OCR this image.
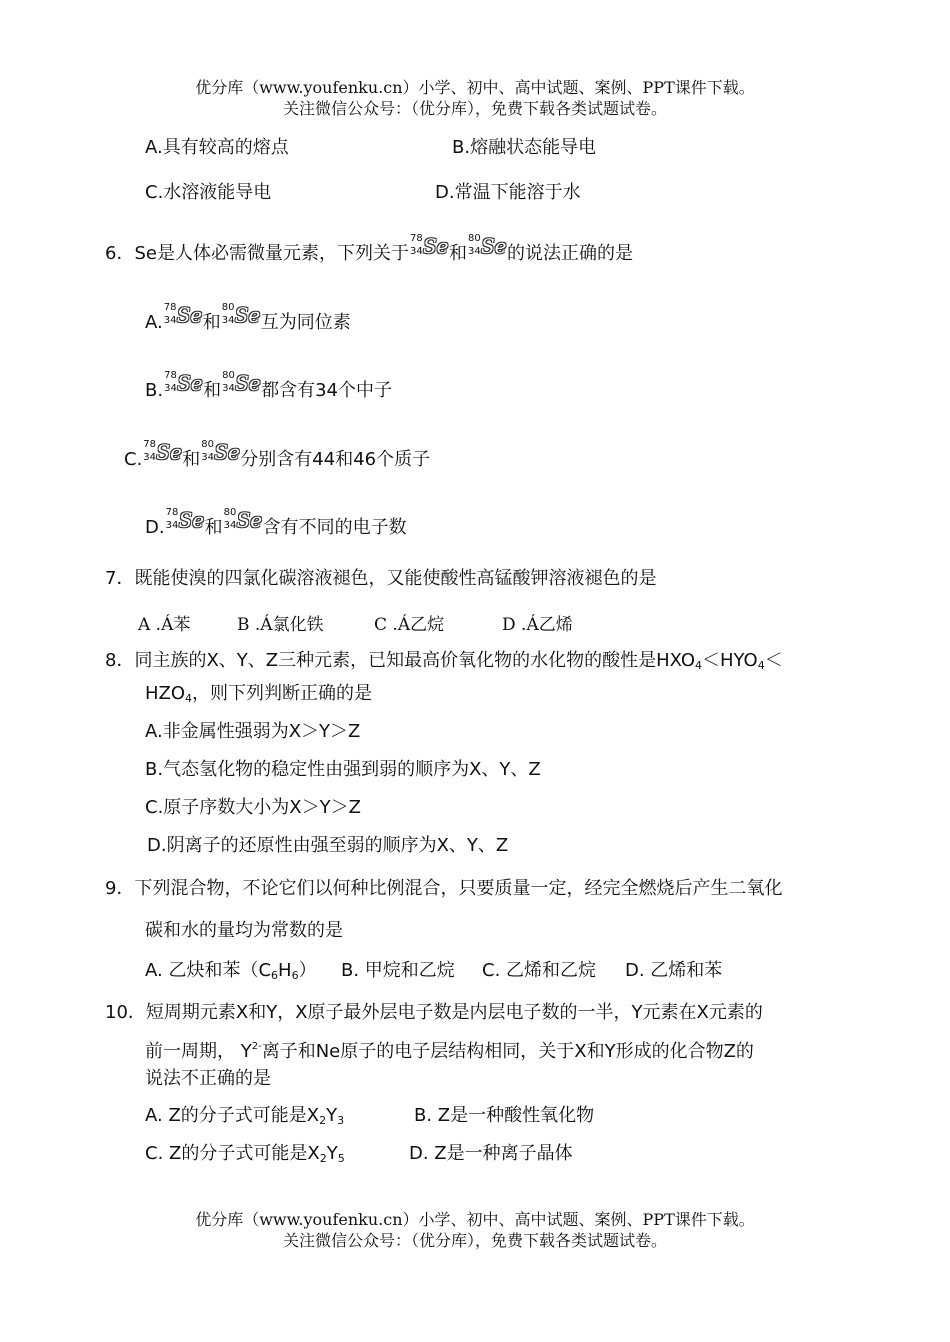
优分库（www.youfenku.cn）小学、初中、高中试题、案例、PPT课件下载。
关注微信公众号：（优分库），免费下载各类试题试卷。
A.具有较高的熔点	B.熔融状态能导电
C.水溶液能导电	D.常温下能溶于水
6．Se是人体必需微量元素，下列关于
78
34 Se 和
80
34 Se 的说法正确的是
A.
78
34 Se 和
80
34 Se 互为同位素
B.
78
34 Se 和
80
34 Se 都含有34个中子
C.
78
34 Se 和
80
34 Se 分别含有44和46个质子
D.
78
34 Se 和
80
34 Se 含有不同的电子数
7．既能使溴的四氯化碳溶液褪色，又能使酸性高锰酸钾溶液褪色的是
A .Á苯	B .Á氯化铁	C .Á乙烷	D .Á乙烯
8．同主族的X、Y、Z三种元素，已知最高价氧化物的水化物的酸性是$HXO_4<HYO_4<$
$HZO_4$，则下列判断正确的是
A.非金属性强弱为X＞Y＞Z
B.气态氢化物的稳定性由强到弱的顺序为X、Y、Z
C.原子序数大小为X＞Y＞Z
D.阴离子的还原性由强至弱的顺序为X、Y、Z
9．下列混合物，不论它们以何种比例混合，只要质量一定，经完全燃烧后产生二氧化
碳和水的量均为常数的是
A. 乙炔和苯$(C_6H_6)$ B. 甲烷和乙烷 C. 乙烯和乙烷 D. 乙烯和苯
10．短周期元素X和Y，X原子最外层电子数是内层电子数的一半，Y元素在X元素的
前一周期， $Y^{2-}$离子和Ne原子的电子层结构相同，关于X和Y形成的化合物Z的
说法不正确的是
A. Z的分子式可能是$X_2Y_3$	B. Z是一种酸性氧化物
C. Z的分子式可能是$X_2Y_5$	D. Z是一种离子晶体
优分库（www.youfenku.cn）小学、初中、高中试题、案例、PPT课件下载。
关注微信公众号：（优分库），免费下载各类试题试卷。
